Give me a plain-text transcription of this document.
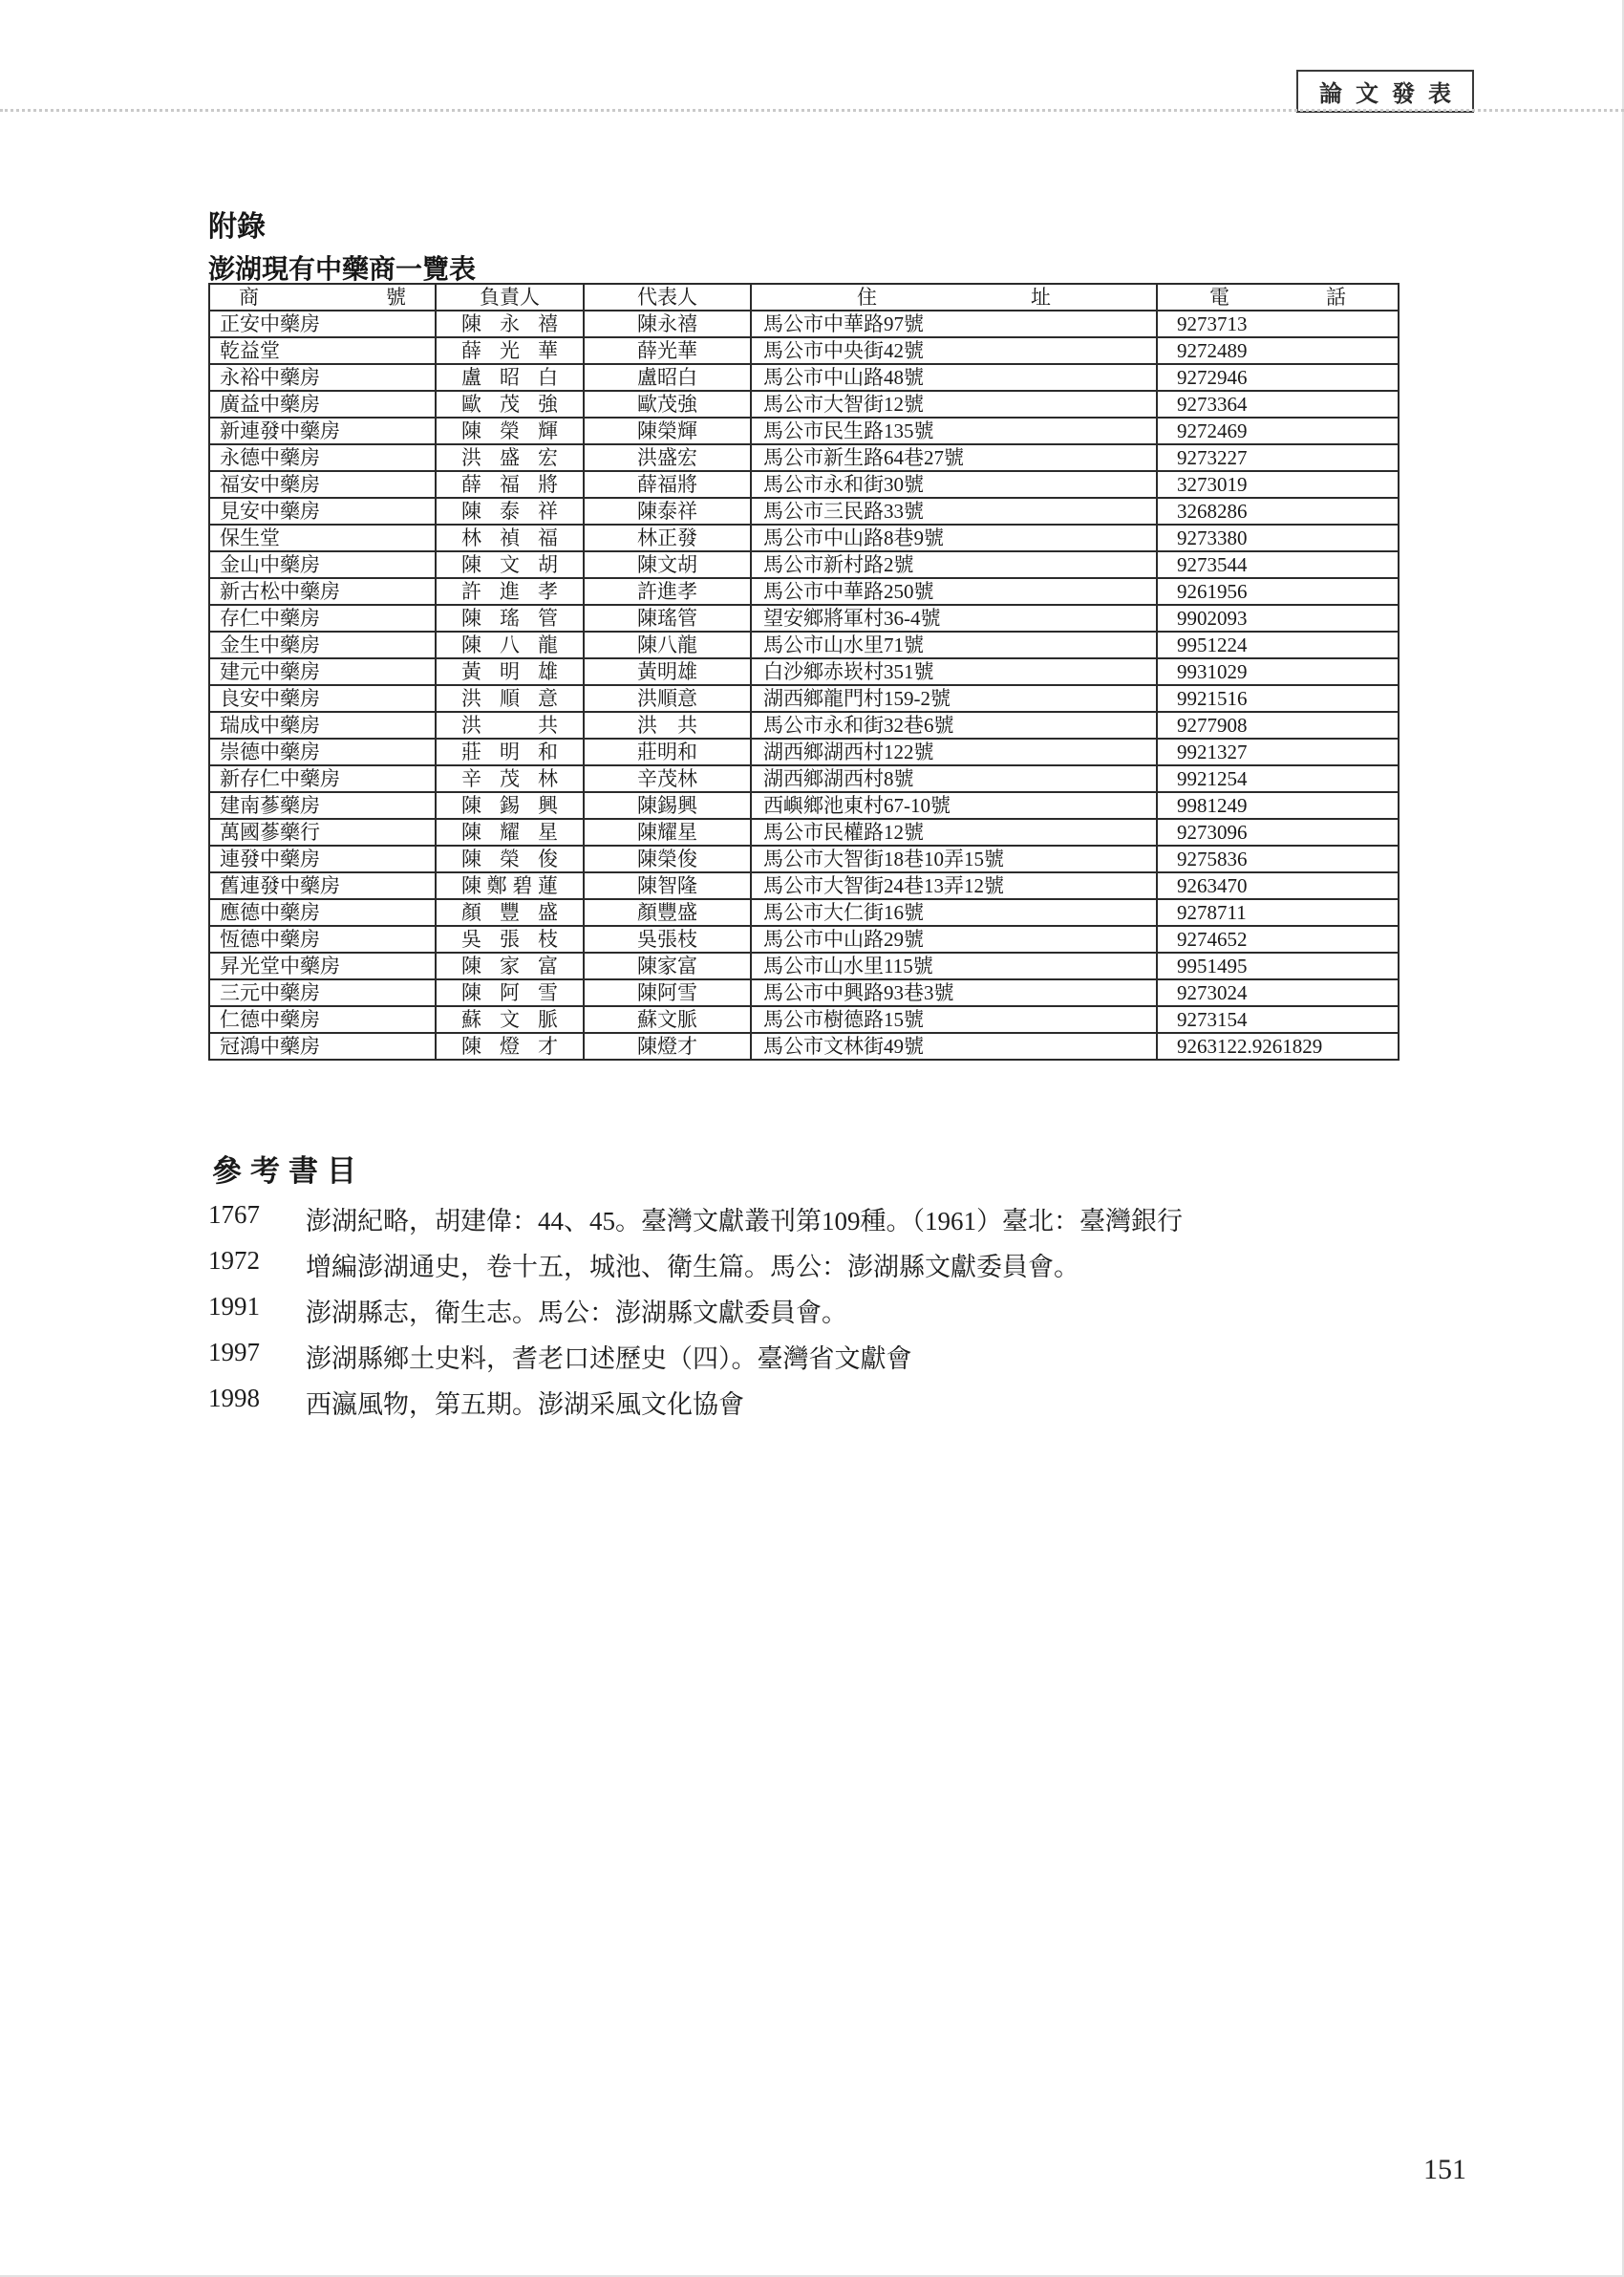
論文發表
附錄
澎湖現有中藥商一覽表
商號	負責人	代表人	住址	電話
正安中藥房	陳永禧	陳永禧	馬公市中華路97號	9273713
乾益堂	薛光華	薛光華	馬公市中央街42號	9272489
永裕中藥房	盧昭白	盧昭白	馬公市中山路48號	9272946
廣益中藥房	歐茂強	歐茂強	馬公市大智街12號	9273364
新連發中藥房	陳榮輝	陳榮輝	馬公市民生路135號	9272469
永德中藥房	洪盛宏	洪盛宏	馬公市新生路64巷27號	9273227
福安中藥房	薛福將	薛福將	馬公市永和街30號	3273019
見安中藥房	陳泰祥	陳泰祥	馬公市三民路33號	3268286
保生堂	林禎福	林正發	馬公市中山路8巷9號	9273380
金山中藥房	陳文胡	陳文胡	馬公市新村路2號	9273544
新古松中藥房	許進孝	許進孝	馬公市中華路250號	9261956
存仁中藥房	陳瑤管	陳瑤管	望安鄉將軍村36-4號	9902093
金生中藥房	陳八龍	陳八龍	馬公市山水里71號	9951224
建元中藥房	黃明雄	黃明雄	白沙鄉赤崁村351號	9931029
良安中藥房	洪順意	洪順意	湖西鄉龍門村159-2號	9921516
瑞成中藥房	洪共	洪　共	馬公市永和街32巷6號	9277908
崇德中藥房	莊明和	莊明和	湖西鄉湖西村122號	9921327
新存仁中藥房	辛茂林	辛茂林	湖西鄉湖西村8號	9921254
建南蔘藥房	陳錫興	陳錫興	西嶼鄉池東村67-10號	9981249
萬國蔘藥行	陳耀星	陳耀星	馬公市民權路12號	9273096
連發中藥房	陳榮俊	陳榮俊	馬公市大智街18巷10弄15號	9275836
舊連發中藥房	陳鄭碧蓮	陳智隆	馬公市大智街24巷13弄12號	9263470
應德中藥房	顏豐盛	顏豐盛	馬公市大仁街16號	9278711
恆德中藥房	吳張枝	吳張枝	馬公市中山路29號	9274652
昇光堂中藥房	陳家富	陳家富	馬公市山水里115號	9951495
三元中藥房	陳阿雪	陳阿雪	馬公市中興路93巷3號	9273024
仁德中藥房	蘇文脈	蘇文脈	馬公市樹德路15號	9273154
冠鴻中藥房	陳燈才	陳燈才	馬公市文林街49號	9263122.9261829
參考書目
1767	澎湖紀略，胡建偉：44、45。臺灣文獻叢刊第109種。（1961）臺北：臺灣銀行
1972	增編澎湖通史，卷十五，城池、衛生篇。馬公：澎湖縣文獻委員會。
1991	澎湖縣志，衛生志。馬公：澎湖縣文獻委員會。
1997	澎湖縣鄉土史料，耆老口述歷史（四）。臺灣省文獻會
1998	西瀛風物，第五期。澎湖采風文化協會
151
